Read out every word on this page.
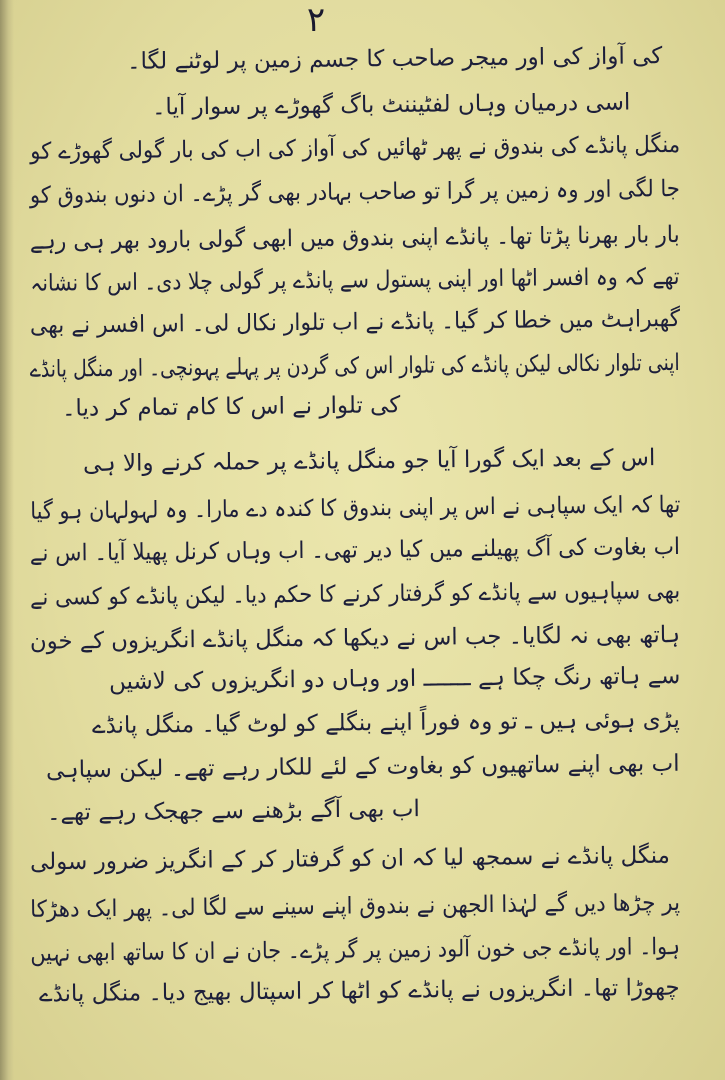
۲
کی آواز کی اور میجر صاحب کا جسم زمین پر لوٹنے لگا۔
اسی درمیان وہاں لفٹیننٹ باگ گھوڑے پر سوار آیا۔
منگل پانڈے کی بندوق نے پھر ٹھائیں کی آواز کی اب کی بار گولی گھوڑے کو
جا لگی اور وہ زمین پر گرا تو صاحب بہادر بھی گر پڑے۔ ان دنوں بندوق کو
بار بار بھرنا پڑتا تھا۔ پانڈے اپنی بندوق میں ابھی گولی بارود بھر ہی رہے
تھے کہ وہ افسر اٹھا اور اپنی پستول سے پانڈے پر گولی چلا دی۔ اس کا نشانہ
گھبراہٹ میں خطا کر گیا۔ پانڈے نے اب تلوار نکال لی۔ اس افسر نے بھی
اپنی تلوار نکالی لیکن پانڈے کی تلوار اس کی گردن پر پہلے پہونچی۔ اور منگل پانڈے
کی تلوار نے اس کا کام تمام کر دیا۔
اس کے بعد ایک گورا آیا جو منگل پانڈے پر حملہ کرنے والا ہی
تھا کہ ایک سپاہی نے اس پر اپنی بندوق کا کندہ دے مارا۔ وہ لہولہان ہو گیا
اب بغاوت کی آگ پھیلنے میں کیا دیر تھی۔ اب وہاں کرنل پھیلا آیا۔ اس نے
بھی سپاہیوں سے پانڈے کو گرفتار کرنے کا حکم دیا۔ لیکن پانڈے کو کسی نے
ہاتھ بھی نہ لگایا۔ جب اس نے دیکھا کہ منگل پانڈے انگریزوں کے خون
سے ہاتھ رنگ چکا ہے ـــــــ اور وہاں دو انگریزوں کی لاشیں
پڑی ہوئی ہیں ـ تو وہ فوراً اپنے بنگلے کو لوٹ گیا۔ منگل پانڈے
اب بھی اپنے ساتھیوں کو بغاوت کے لئے للکار رہے تھے۔ لیکن سپاہی
اب بھی آگے بڑھنے سے جھجک رہے تھے۔
منگل پانڈے نے سمجھ لیا کہ ان کو گرفتار کر کے انگریز ضرور سولی
پر چڑھا دیں گے لہٰذا الجھن نے بندوق اپنے سینے سے لگا لی۔ پھر ایک دھڑکا
ہوا۔ اور پانڈے جی خون آلود زمین پر گر پڑے۔ جان نے ان کا ساتھ ابھی نہیں
چھوڑا تھا۔ انگریزوں نے پانڈے کو اٹھا کر اسپتال بھیج دیا۔ منگل پانڈے
